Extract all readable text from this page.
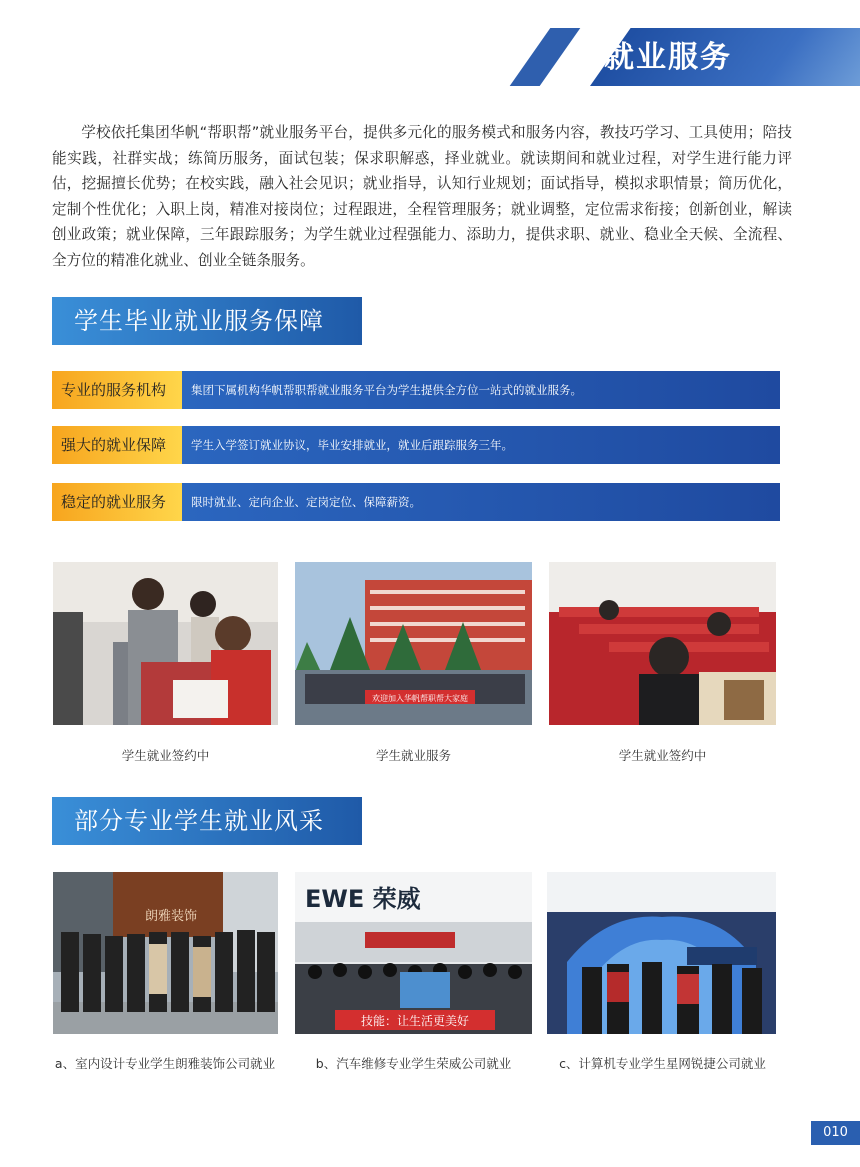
就业服务

学校依托集团华帆“帮职帮”就业服务平台，提供多元化的服务模式和服务内容，教技巧学习、工具使用；陪技能实践，社群实战；练简历服务，面试包装；保求职解惑，择业就业。就读期间和就业过程，对学生进行能力评估，挖掘擅长优势；在校实践，融入社会见识；就业指导，认知行业规划；面试指导，模拟求职情景；简历优化，定制个性优化；入职上岗，精准对接岗位；过程跟进，全程管理服务；就业调整，定位需求衔接；创新创业，解读创业政策；就业保障，三年跟踪服务；为学生就业过程强能力、添助力，提供求职、就业、稳业全天候、全流程、全方位的精准化就业、创业全链条服务。

学生毕业就业服务保障
专业的服务机构	集团下属机构华帆帮职帮就业服务平台为学生提供全方位一站式的就业服务。
强大的就业保障	学生入学签订就业协议，毕业安排就业，就业后跟踪服务三年。
稳定的就业服务	限时就业、定向企业、定岗定位、保障薪资。
学生就业签约中
欢迎加入华帆帮职帮大家庭
学生就业服务	学生就业签约中
部分专业学生就业风采
朗雅装饰
a、室内设计专业学生朗雅装饰公司就业
EWE 荣威
技能：让生活更美好
b、汽车维修专业学生荣威公司就业	c、计算机专业学生星网锐捷公司就业
010
